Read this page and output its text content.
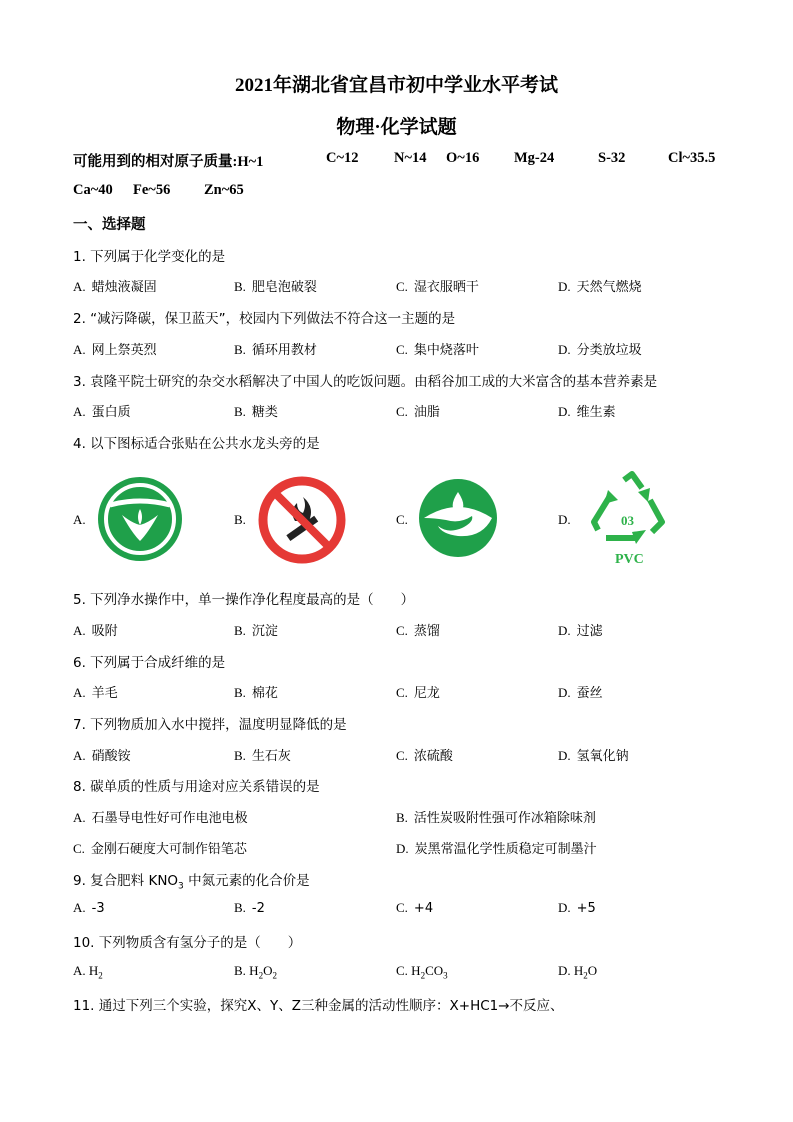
2021年湖北省宜昌市初中学业水平考试
物理·化学试题
可能用到的相对原子质量:H~1	C~12 N~14 O~16 Mg-24	S-32	Cl~35.5
Ca~40 Fe~56 Zn~65
一、选择题
1. 下列属于化学变化的是
A. 蜡烛液凝固	B. 肥皂泡破裂	C. 湿衣服晒干	D. 天然气燃烧
2. “减污降碳，保卫蓝天”，校园内下列做法不符合这一主题的是
A. 网上祭英烈	B. 循环用教材	C. 集中烧落叶	D. 分类放垃圾
3. 袁隆平院士研究的杂交水稻解决了中国人的吃饭问题。由稻谷加工成的大米富含的基本营养素是
A. 蛋白质	B. 糖类	C. 油脂	D. 维生素
4. 以下图标适合张贴在公共水龙头旁的是
A.	B.	C.	D.	03
PVC
5. 下列净水操作中，单一操作净化程度最高的是（　　）
A. 吸附	B. 沉淀	C. 蒸馏	D. 过滤
6. 下列属于合成纤维的是
A. 羊毛	B. 棉花	C. 尼龙	D. 蚕丝
7. 下列物质加入水中搅拌，温度明显降低的是
A. 硝酸铵	B. 生石灰	C. 浓硫酸	D. 氢氧化钠
8. 碳单质的性质与用途对应关系错误的是
A. 石墨导电性好可作电池电极	B. 活性炭吸附性强可作冰箱除味剂
C. 金刚石硬度大可制作铅笔芯	D. 炭黑常温化学性质稳定可制墨汁
9. 复合肥料 $KNO_3$ 中氮元素的化合价是
A. -3	B. -2	C. +4	D. +5
10. 下列物质含有氢分子的是（　　）
A. $H_2$	B. $H_2O_2$	C. $H_2CO_3$	D. $H_2O$
11. 通过下列三个实验，探究X、Y、Z三种金属的活动性顺序：X+HC1→不反应、
